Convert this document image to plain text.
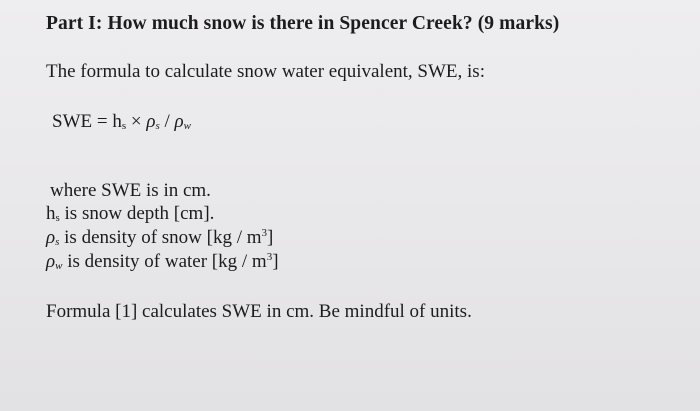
Part I: How much snow is there in Spencer Creek? (9 marks)
The formula to calculate snow water equivalent, SWE, is:
SWE = $h_s \times \rho_s / \rho_w$
where SWE is in cm.
$h_s$ is snow depth [cm].
$\rho_s$ is density of snow $[kg / m^3]$
$\rho_w$ is density of water $[kg / m^3]$
Formula [1] calculates SWE in cm. Be mindful of units.
